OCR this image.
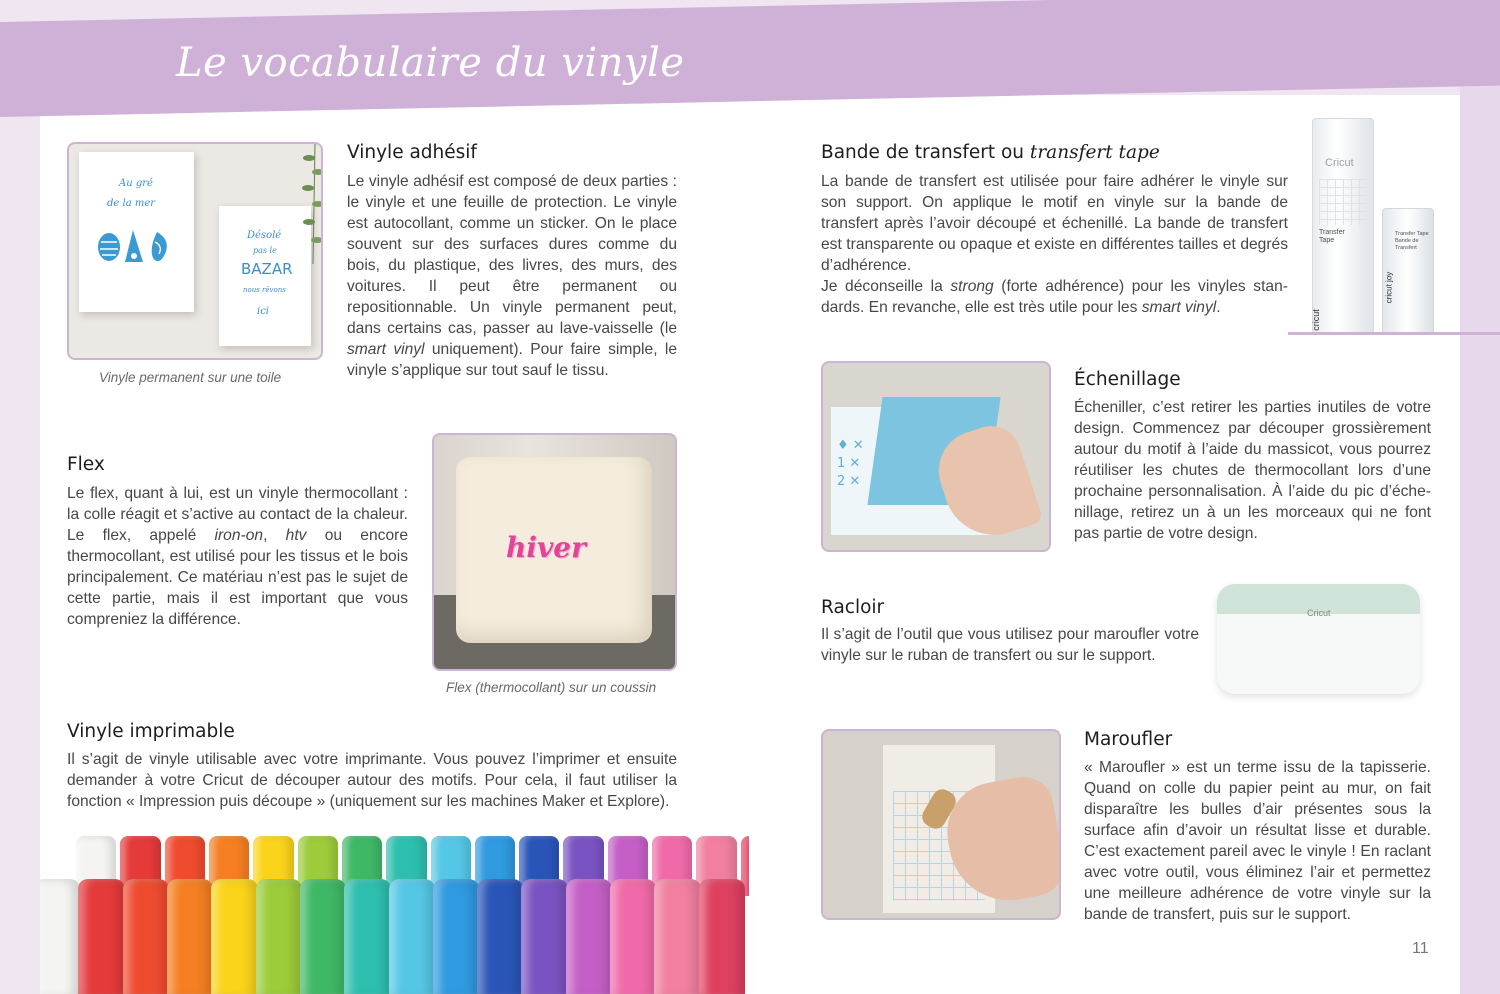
Le vocabulaire du vinyle
Au gré
de la mer
Désolé
pas le
BAZAR
nous rêvons
ici

Vinyle permanent sur une toile

Vinyle adhésif

Le vinyle adhésif est composé de deux parties : le vinyle et une feuille de protection. Le vinyle est autocollant, comme un sticker. On le place souvent sur des surfaces dures comme du bois, du plastique, des livres, des murs, des voitures. Il peut être permanent ou repositionnable. Un vinyle permanent peut, dans certains cas, passer au lave-vaisselle (le smart vinyl uniquement). Pour faire simple, le vinyle s’applique sur tout sauf le tissu.

Flex

Le flex, quant à lui, est un vinyle thermocollant : la colle réagit et s’active au contact de la chaleur. Le flex, appelé iron-on, htv ou encore thermocollant, est utilisé pour les tissus et le bois principalement. Ce matériau n’est pas le sujet de cette partie, mais il est important que vous compreniez la différence.

hiver

Flex (thermocollant) sur un coussin

Vinyle imprimable

Il s’agit de vinyle utilisable avec votre imprimante. Vous pouvez l’imprimer et ensuite demander à votre Cricut de découper autour des motifs. Pour cela, il faut utiliser la fonction « Impression puis découpe » (uniquement sur les machines Maker et Explore).

Bande de transfert ou transfert tape

La bande de transfert est utilisée pour faire adhérer le vinyle sur son support. On applique le motif en vinyle sur la bande de transfert après l’avoir découpé et échenillé. La bande de transfert est transparente ou opaque et existe en différentes tailles et degrés d’adhérence.
Je déconseille la strong (forte adhérence) pour les vinyles standards. En revanche, elle est très utile pour les smart vinyl.

Cricut
Transfer Tape
cricut
Transfer Tape Bande de Transfert
cricut joy
♦ ✕
1 ✕
2 ✕
Échenillage

Écheniller, c’est retirer les parties inutiles de votre design. Commencez par découper grossièrement autour du motif à l’aide du massicot, vous pourrez réutiliser les chutes de thermocollant lors d’une prochaine personnalisation. À l’aide du pic d’échenillage, retirez un à un les morceaux qui ne font pas partie de votre design.

Racloir

Il s’agit de l’outil que vous utilisez pour maroufler votre vinyle sur le ruban de transfert ou sur le support.

Cricut
Maroufler

« Maroufler » est un terme issu de la tapisserie. Quand on colle du papier peint au mur, on fait disparaître les bulles d’air présentes sous la surface afin d’avoir un résultat lisse et durable. C’est exactement pareil avec le vinyle ! En raclant avec votre outil, vous éliminez l’air et permettez une meilleure adhérence de votre vinyle sur la bande de transfert, puis sur le support.

11
